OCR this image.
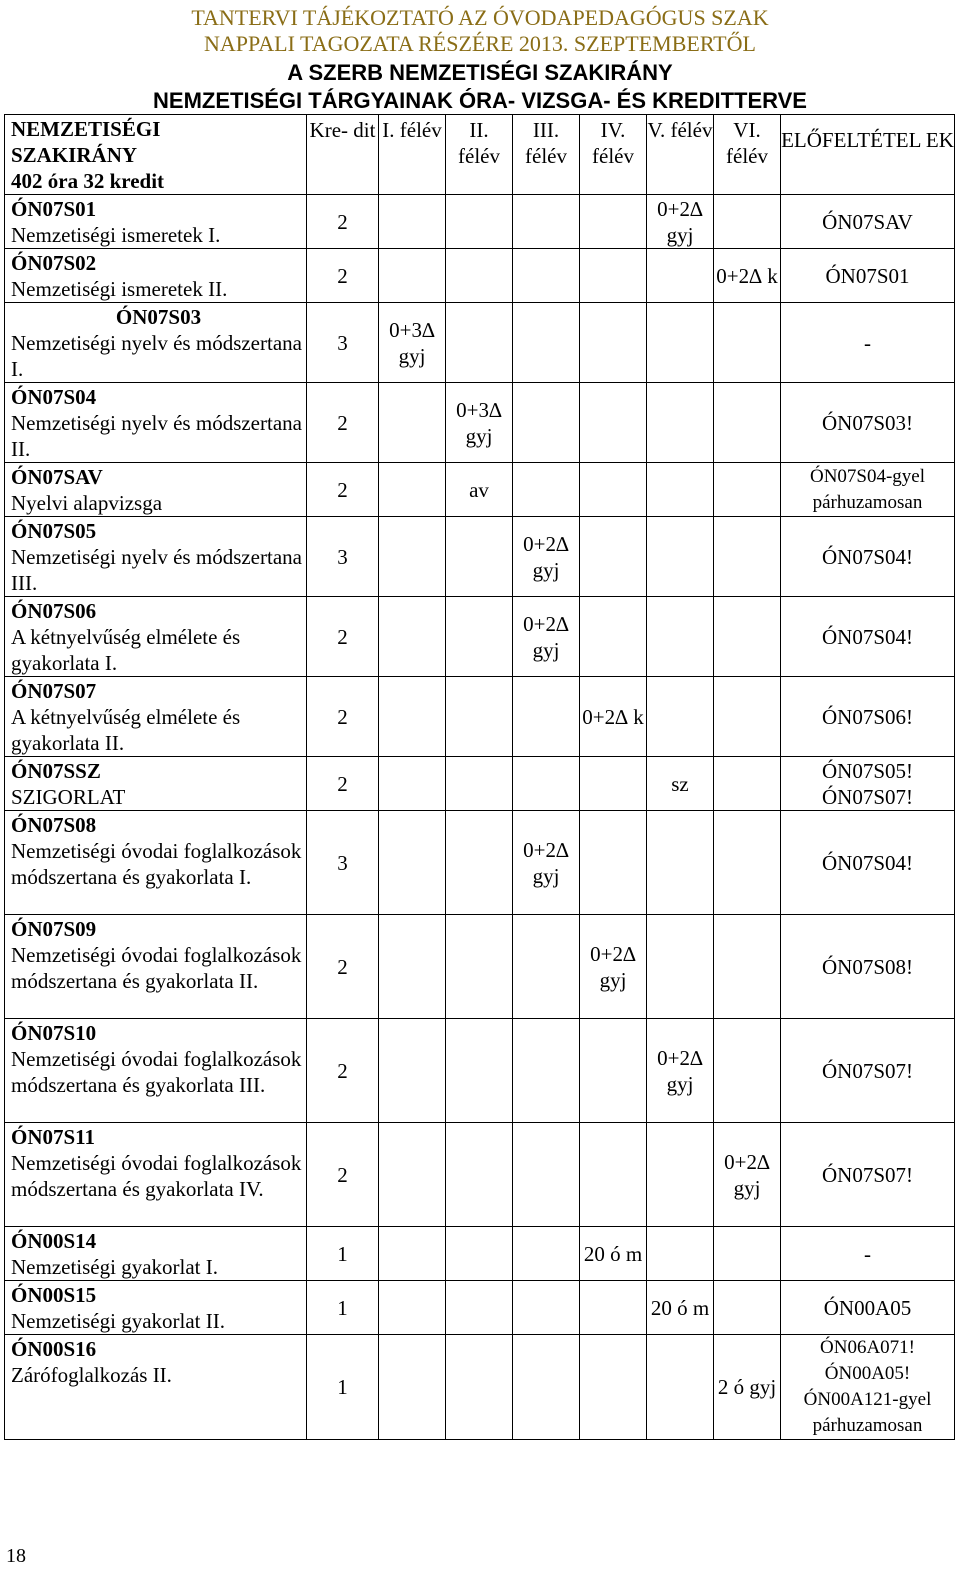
TANTERVI TÁJÉKOZTATÓ AZ ÓVODAPEDAGÓGUS SZAK
NAPPALI TAGOZATA RÉSZÉRE 2013. SZEPTEMBERTŐL
A SZERB NEMZETISÉGI SZAKIRÁNY
NEMZETISÉGI TÁRGYAINAK ÓRA- VIZSGA- ÉS KREDITTERVE
NEMZETISÉGI
SZAKIRÁNY
402 óra 32 kredit	Kre- dit	I. félév	II. félév	III. félév	IV. félév	V. félév	VI. félév	ELŐFELTÉTEL EK

ÓN07S01
Nemzetiségi ismeretek I.	2					0+2∆ gyj		ÓN07SAV

ÓN07S02
Nemzetiségi ismeretek II.	2						0+2∆ k	ÓN07S01

ÓN07S03
Nemzetiségi nyelv és módszertana I.	3	0+3∆ gyj						-

ÓN07S04
Nemzetiségi nyelv és módszertana II.	2		0+3∆ gyj					ÓN07S03!

ÓN07SAV
Nyelvi alapvizsga	2		av					ÓN07S04-gyel párhuzamosan

ÓN07S05
Nemzetiségi nyelv és módszertana III.	3			0+2∆ gyj				ÓN07S04!

ÓN07S06
A kétnyelvűség elmélete és gyakorlata I.	2			0+2∆ gyj				ÓN07S04!

ÓN07S07
A kétnyelvűség elmélete és gyakorlata II.	2				0+2∆ k			ÓN07S06!

ÓN07SSZ
SZIGORLAT	2					sz		ÓN07S05! ÓN07S07!

ÓN07S08
Nemzetiségi óvodai foglalkozások módszertana és gyakorlata I.	3			0+2∆ gyj				ÓN07S04!

ÓN07S09
Nemzetiségi óvodai foglalkozások módszertana és gyakorlata II.	2				0+2∆ gyj			ÓN07S08!

ÓN07S10
Nemzetiségi óvodai foglalkozások módszertana és gyakorlata III.	2					0+2∆ gyj		ÓN07S07!

ÓN07S11
Nemzetiségi óvodai foglalkozások módszertana és gyakorlata IV.	2						0+2∆ gyj	ÓN07S07!

ÓN00S14
Nemzetiségi gyakorlat I.	1				20 ó m			-

ÓN00S15
Nemzetiségi gyakorlat II.	1					20 ó m		ÓN00A05

ÓN00S16
Zárófoglalkozás II.	1						2 ó gyj	ÓN06A071! ÓN00A05! ÓN00A121-gyel párhuzamosan
18
